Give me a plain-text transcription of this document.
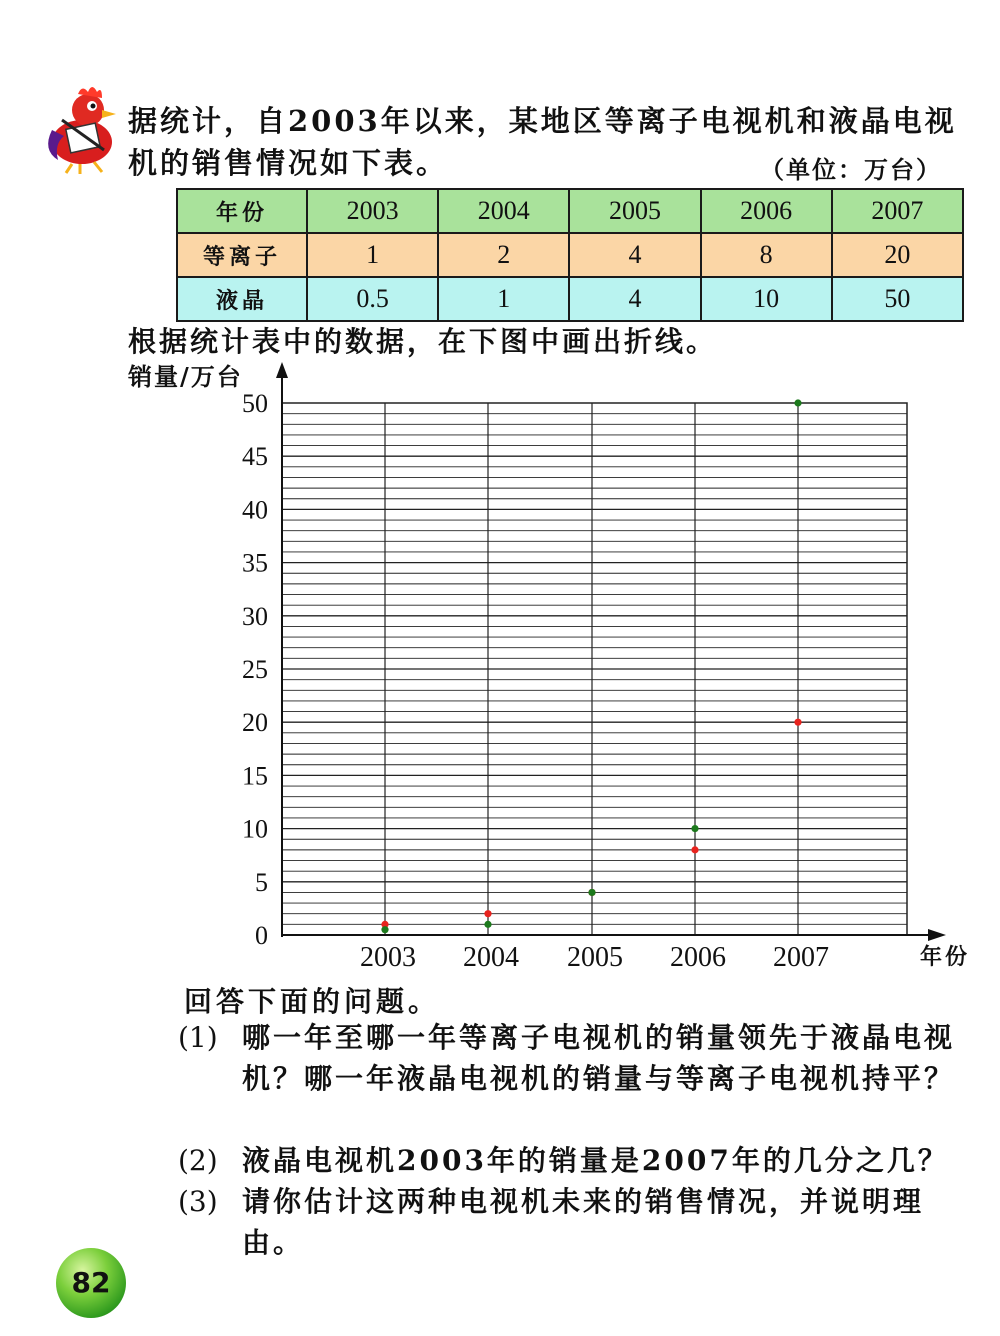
据统计，自2003年以来，某地区等离子电视机和液晶电视机的销售情况如下表。	（单位：万台）
年份	2003	2004	2005	2006	2007
等离子	1	2	4	8	20
液晶	0.5	1	4	10	50
根据统计表中的数据，在下图中画出折线。
销量/万台
年份
0
5
10
15
20
25
30
35
40
45
50
2003 2004 2005 2006 2007
回答下面的问题。
(1) 哪一年至哪一年等离子电视机的销量领先于液晶电视机？哪一年液晶电视机的销量与等离子电视机持平？
(2) 液晶电视机2003年的销量是2007年的几分之几？
(3) 请你估计这两种电视机未来的销售情况，并说明理由。
82
